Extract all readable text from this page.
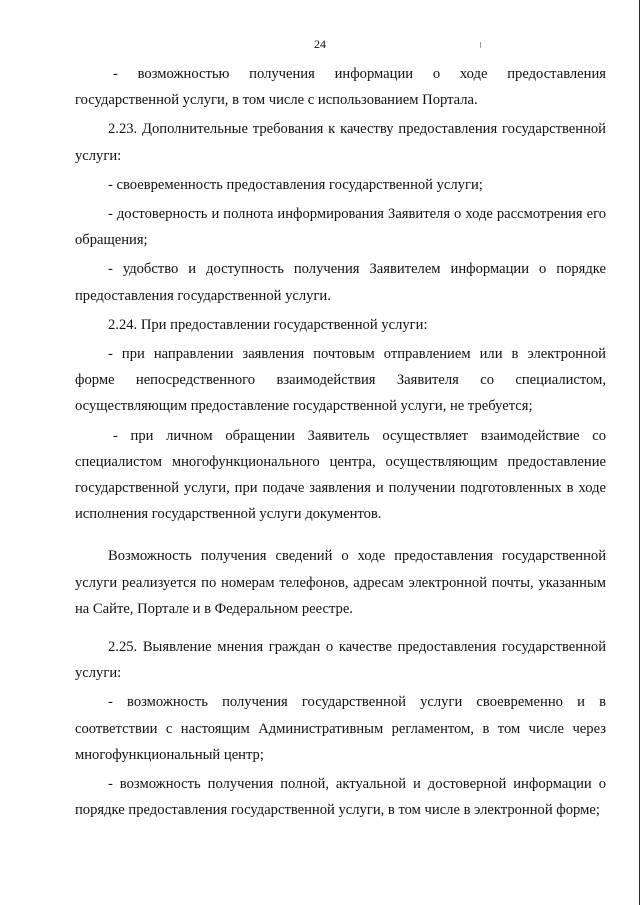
24

- возможностью получения информации о ходе предоставления государственной услуги, в том числе с использованием Портала.

2.23. Дополнительные требования к качеству предоставления государственной услуги:

- своевременность предоставления государственной услуги;

- достоверность и полнота информирования Заявителя о ходе рассмотрения его обращения;

- удобство и доступность получения Заявителем информации о порядке предоставления государственной услуги.

2.24. При предоставлении государственной услуги:

- при направлении заявления почтовым отправлением или в электронной форме непосредственного взаимодействия Заявителя со специалистом, осуществляющим предоставление государственной услуги, не требуется;

- при личном обращении Заявитель осуществляет взаимодействие со специалистом многофункционального центра, осуществляющим предоставление государственной услуги, при подаче заявления и получении подготовленных в ходе исполнения государственной услуги документов.

Возможность получения сведений о ходе предоставления государственной услуги реализуется по номерам телефонов, адресам электронной почты, указанным на Сайте, Портале и в Федеральном реестре.

2.25. Выявление мнения граждан о качестве предоставления государственной услуги:

- возможность получения государственной услуги своевременно и в соответствии с настоящим Административным регламентом, в том числе через многофункциональный центр;

- возможность получения полной, актуальной и достоверной информации о порядке предоставления государственной услуги, в том числе в электронной форме;
